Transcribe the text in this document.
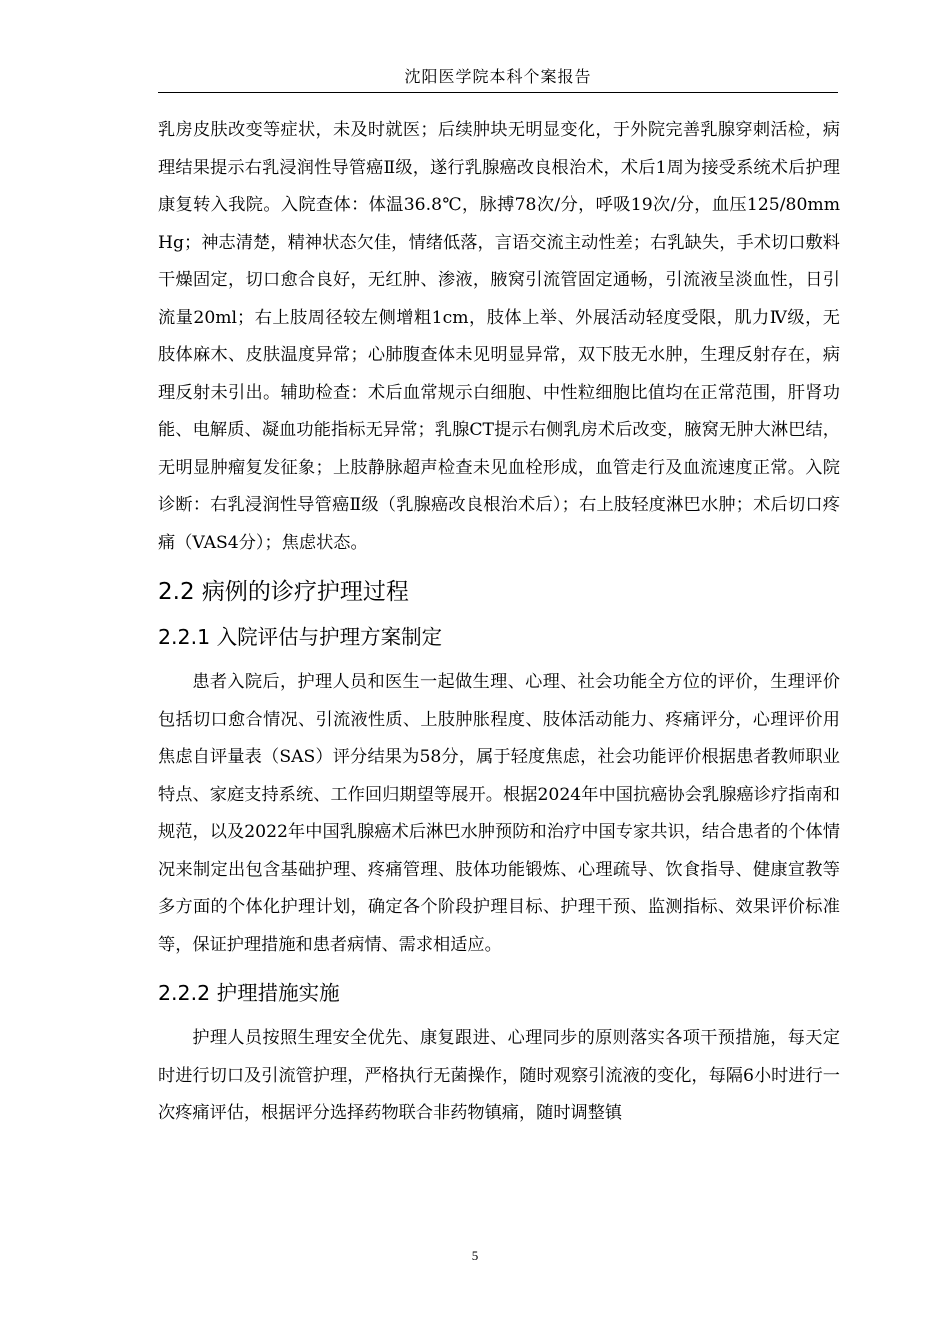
沈阳医学院本科个案报告

乳房皮肤改变等症状，未及时就医；后续肿块无明显变化，于外院完善乳腺穿刺活检，病理结果提示右乳浸润性导管癌Ⅱ级，遂行乳腺癌改良根治术，术后1周为接受系统术后护理康复转入我院。入院查体：体温36.8℃，脉搏78次/分，呼吸19次/分，血压125/80mmHg；神志清楚，精神状态欠佳，情绪低落，言语交流主动性差；右乳缺失，手术切口敷料干燥固定，切口愈合良好，无红肿、渗液，腋窝引流管固定通畅，引流液呈淡血性，日引流量20ml；右上肢周径较左侧增粗1cm，肢体上举、外展活动轻度受限，肌力Ⅳ级，无肢体麻木、皮肤温度异常；心肺腹查体未见明显异常，双下肢无水肿，生理反射存在，病理反射未引出。辅助检查：术后血常规示白细胞、中性粒细胞比值均在正常范围，肝肾功能、电解质、凝血功能指标无异常；乳腺CT提示右侧乳房术后改变，腋窝无肿大淋巴结，无明显肿瘤复发征象；上肢静脉超声检查未见血栓形成，血管走行及血流速度正常。入院诊断：右乳浸润性导管癌Ⅱ级（乳腺癌改良根治术后）；右上肢轻度淋巴水肿；术后切口疼痛（VAS4分）；焦虑状态。

2.2 病例的诊疗护理过程
2.2.1 入院评估与护理方案制定

患者入院后，护理人员和医生一起做生理、心理、社会功能全方位的评价，生理评价包括切口愈合情况、引流液性质、上肢肿胀程度、肢体活动能力、疼痛评分，心理评价用焦虑自评量表（SAS）评分结果为58分，属于轻度焦虑，社会功能评价根据患者教师职业特点、家庭支持系统、工作回归期望等展开。根据2024年中国抗癌协会乳腺癌诊疗指南和规范，以及2022年中国乳腺癌术后淋巴水肿预防和治疗中国专家共识，结合患者的个体情况来制定出包含基础护理、疼痛管理、肢体功能锻炼、心理疏导、饮食指导、健康宣教等多方面的个体化护理计划，确定各个阶段护理目标、护理干预、监测指标、效果评价标准等，保证护理措施和患者病情、需求相适应。

2.2.2 护理措施实施

护理人员按照生理安全优先、康复跟进、心理同步的原则落实各项干预措施，每天定时进行切口及引流管护理，严格执行无菌操作，随时观察引流液的变化，每隔6小时进行一次疼痛评估，根据评分选择药物联合非药物镇痛，随时调整镇

5
